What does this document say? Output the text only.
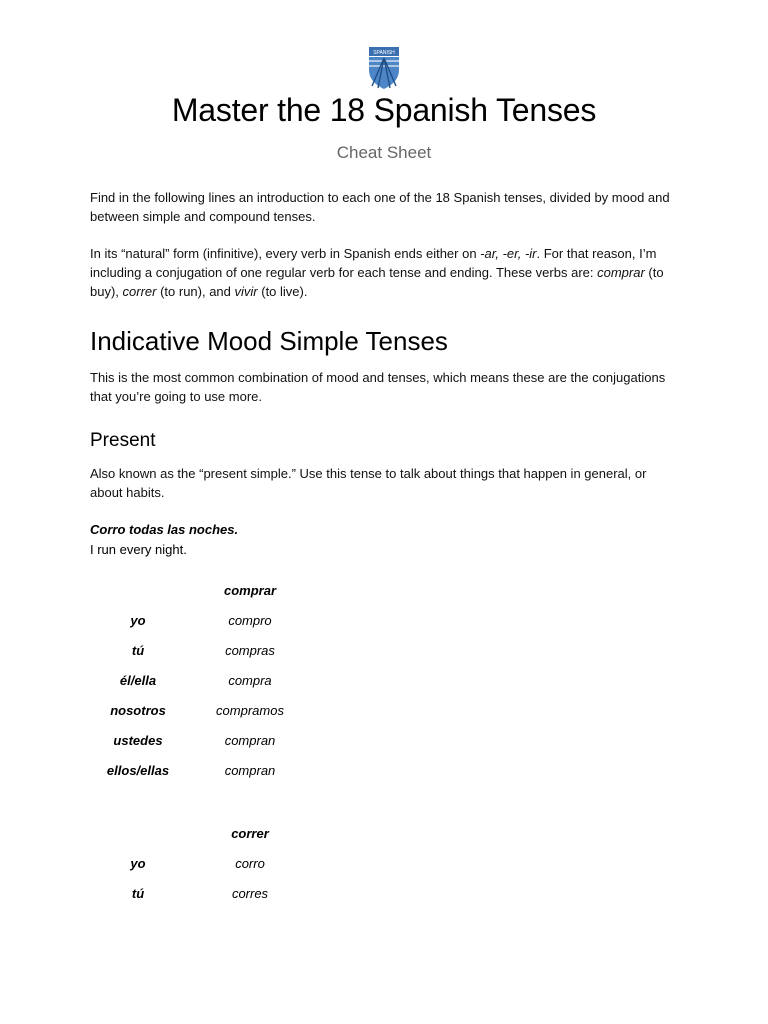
SPANISH
Master the 18 Spanish Tenses
Cheat Sheet
Find in the following lines an introduction to each one of the 18 Spanish tenses, divided by mood and between simple and compound tenses.
In its “natural” form (infinitive), every verb in Spanish ends either on -ar, -er, -ir. For that reason, I’m including a conjugation of one regular verb for each tense and ending. These verbs are: comprar (to buy), correr (to run), and vivir (to live).
Indicative Mood Simple Tenses
This is the most common combination of mood and tenses, which means these are the conjugations that you’re going to use more.
Present
Also known as the “present simple.” Use this tense to talk about things that happen in general, or about habits.
Corro todas las noches.
I run every night.
comprar
yo	compro
tú	compras
él/ella	compra
nosotros	compramos
ustedes	compran
ellos/ellas	compran
correr
yo	corro
tú	corres
